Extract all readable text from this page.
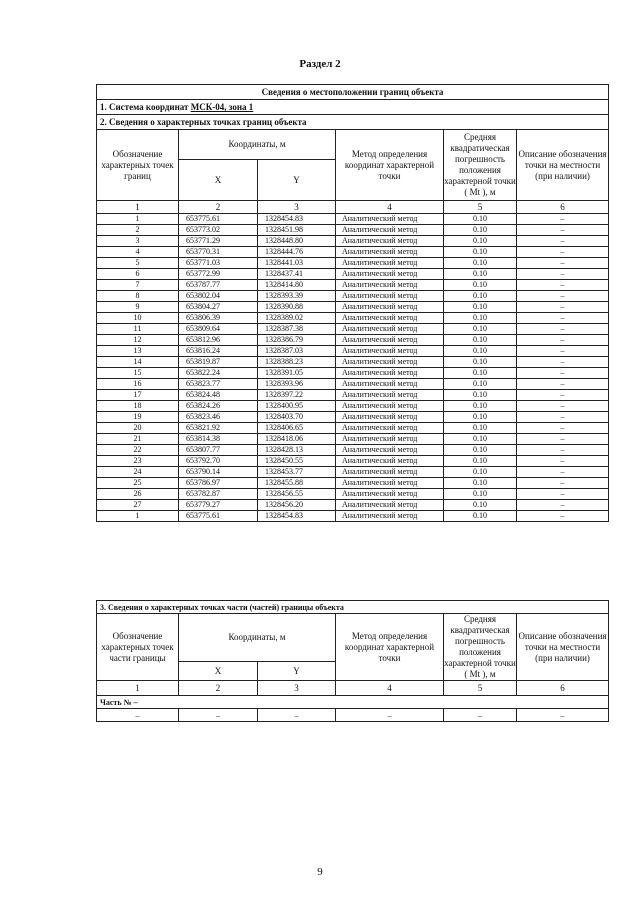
Раздел 2
Сведения о местоположении границ объекта					
1. Система координат МСК-04, зона 1					
2. Сведения о характерных точках границ объекта					
Обозначение характерных точек границ	Координаты, м		Метод определения координат характерной точки	Средняя квадратическая погрешность положения характерной точки ( Mt ), м	Описание обозначения точки на местности (при наличии)
	X	Y			
1	2	3	4	5	6
1	653775.61	1328454.83	Аналитический метод	0.10	–
2	653773.02	1328451.98	Аналитический метод	0.10	–
3	653771.29	1328448.80	Аналитический метод	0.10	–
4	653770.31	1328444.76	Аналитический метод	0.10	–
5	653771.03	1328441.03	Аналитический метод	0.10	–
6	653772.99	1328437.41	Аналитический метод	0.10	–
7	653787.77	1328414.80	Аналитический метод	0.10	–
8	653802.04	1328393.39	Аналитический метод	0.10	–
9	653804.27	1328390.88	Аналитический метод	0.10	–
10	653806.39	1328389.02	Аналитический метод	0.10	–
11	653809.64	1328387.38	Аналитический метод	0.10	–
12	653812.96	1328386.79	Аналитический метод	0.10	–
13	653816.24	1328387.03	Аналитический метод	0.10	–
14	653819.87	1328388.23	Аналитический метод	0.10	–
15	653822.24	1328391.05	Аналитический метод	0.10	–
16	653823.77	1328393.96	Аналитический метод	0.10	–
17	653824.48	1328397.22	Аналитический метод	0.10	–
18	653824.26	1328400.95	Аналитический метод	0.10	–
19	653823.46	1328403.70	Аналитический метод	0.10	–
20	653821.92	1328406.65	Аналитический метод	0.10	–
21	653814.38	1328418.06	Аналитический метод	0.10	–
22	653807.77	1328428.13	Аналитический метод	0.10	–
23	653792.70	1328450.55	Аналитический метод	0.10	–
24	653790.14	1328453.77	Аналитический метод	0.10	–
25	653786.97	1328455.88	Аналитический метод	0.10	–
26	653782.87	1328456.55	Аналитический метод	0.10	–
27	653779.27	1328456.20	Аналитический метод	0.10	–
1	653775.61	1328454.83	Аналитический метод	0.10	–
3. Сведения о характерных точках части (частей) границы объекта					
Обозначение характерных точек части границы	Координаты, м		Метод определения координат характерной точки	Средняя квадратическая погрешность положения характерной точки ( Mt ), м	Описание обозначения точки на местности (при наличии)
	X	Y			
1	2	3	4	5	6
Часть № –					
–	–	–	–	–	–
9
